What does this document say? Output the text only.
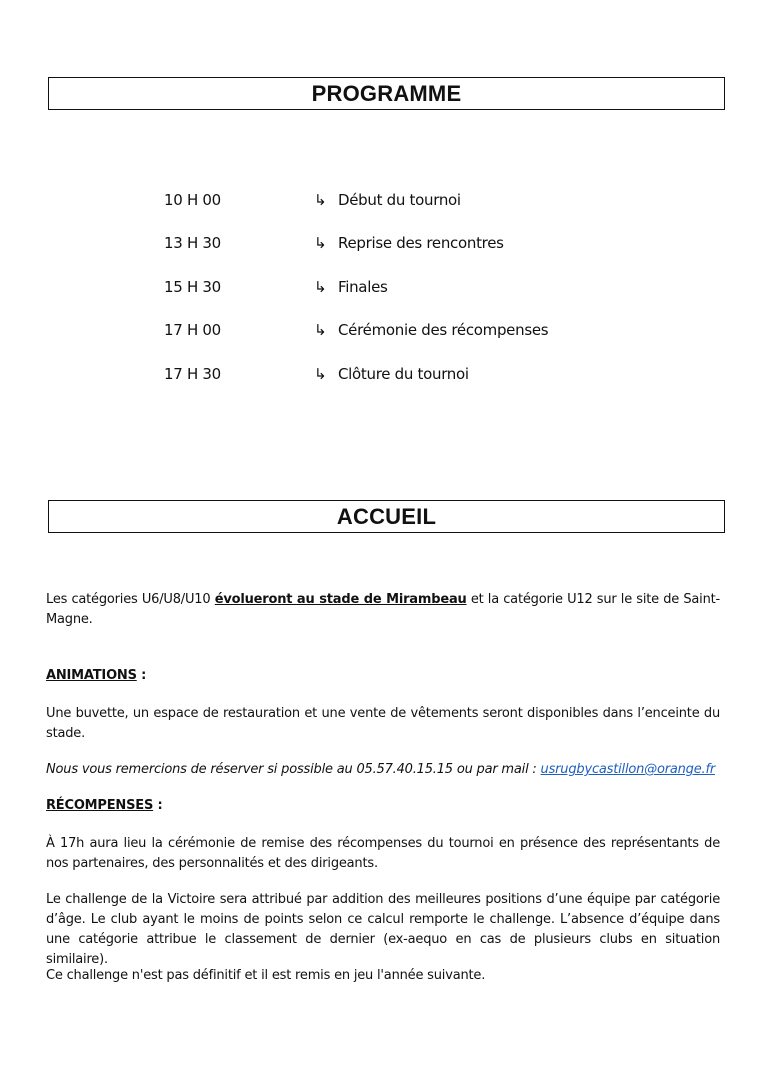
PROGRAMME
10 H 00	↳ Début du tournoi
13 H 30	↳ Reprise des rencontres
15 H 30	↳ Finales
17 H 00	↳ Cérémonie des récompenses
17 H 30	↳ Clôture du tournoi
ACCUEIL

Les catégories U6/U8/U10 évolueront au stade de Mirambeau et la catégorie U12 sur le site de Saint-Magne.

ANIMATIONS :

Une buvette, un espace de restauration et une vente de vêtements seront disponibles dans l’enceinte du stade.

Nous vous remercions de réserver si possible au 05.57.40.15.15 ou par mail : usrugbycastillon@orange.fr

RÉCOMPENSES :

À 17h aura lieu la cérémonie de remise des récompenses du tournoi en présence des représentants de nos partenaires, des personnalités et des dirigeants.

Le challenge de la Victoire sera attribué par addition des meilleures positions d’une équipe par catégorie d’âge. Le club ayant le moins de points selon ce calcul remporte le challenge. L’absence d’équipe dans une catégorie attribue le classement de dernier (ex-aequo en cas de plusieurs clubs en situation similaire).

Ce challenge n'est pas définitif et il est remis en jeu l'année suivante.
